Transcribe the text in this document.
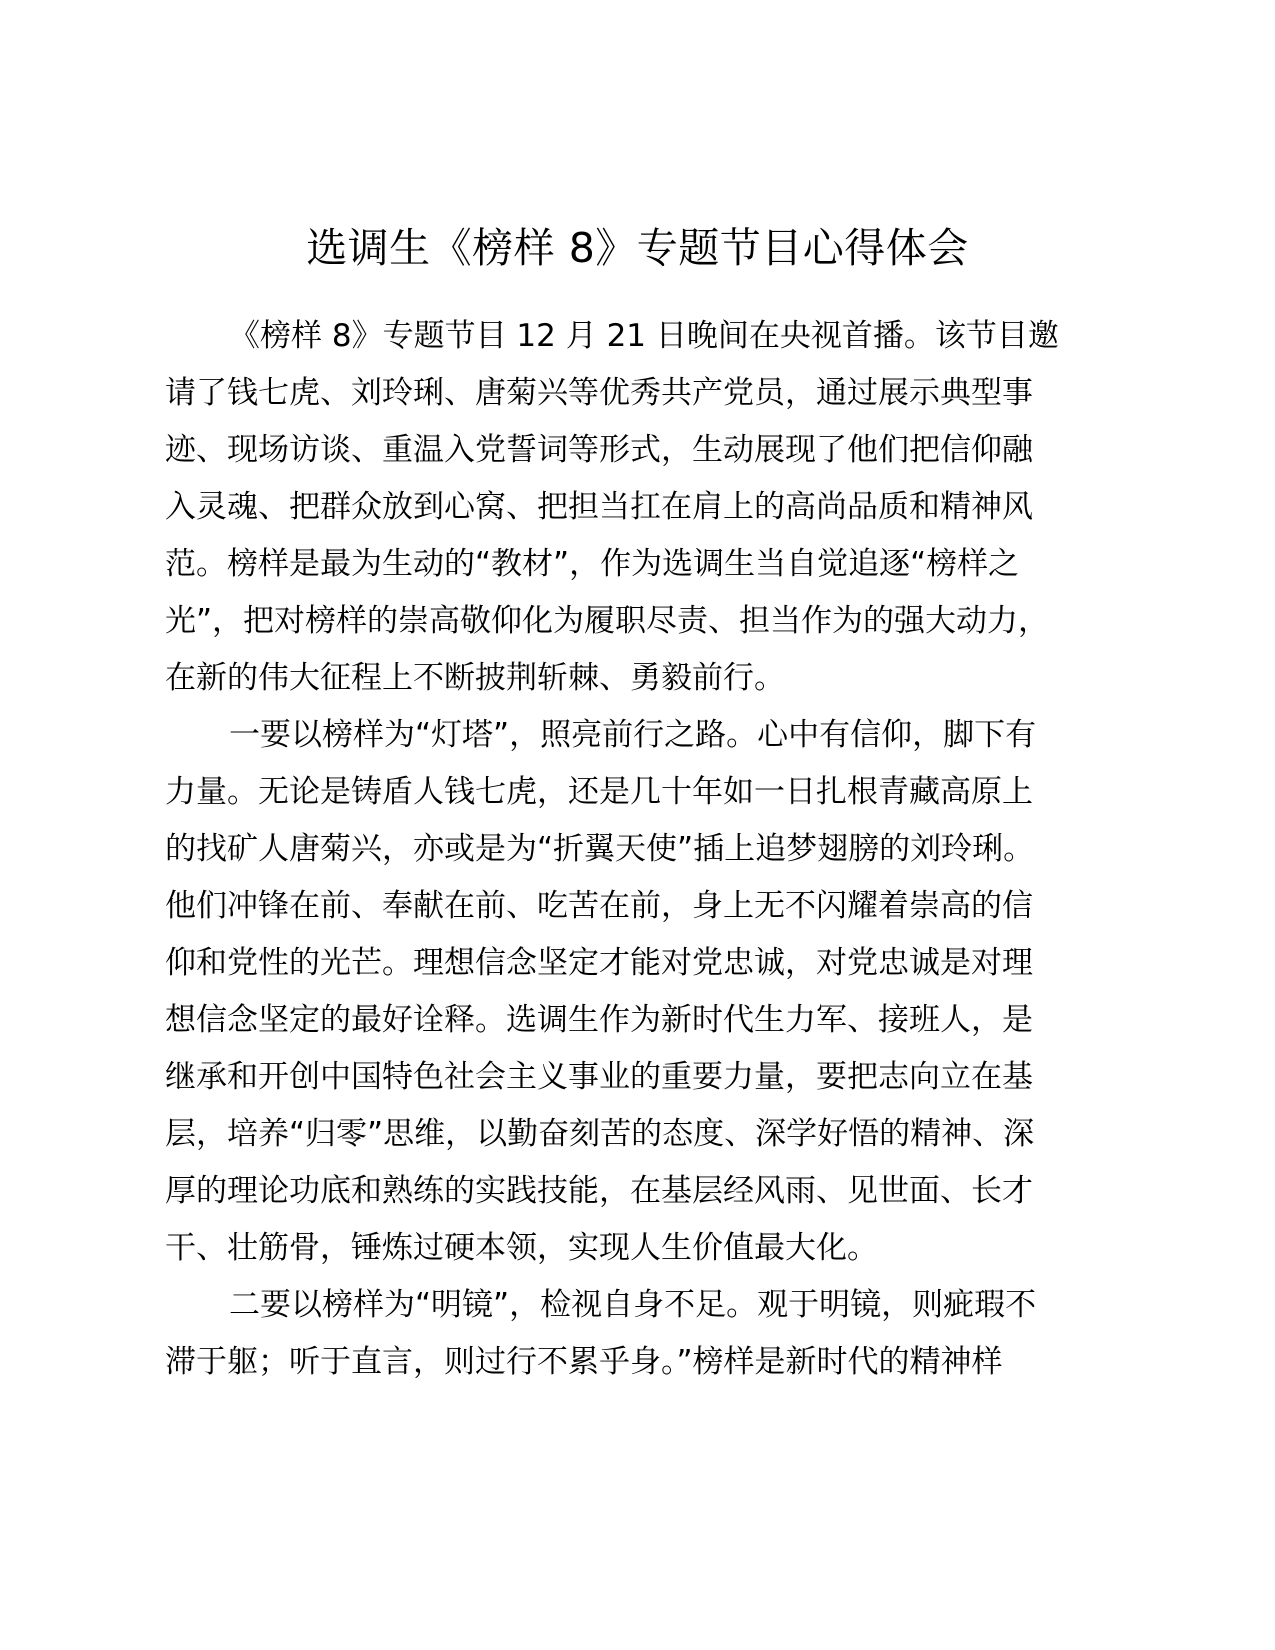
选调生《榜样 8》专题节目心得体会

《榜样 8》专题节目 12 月 21 日晚间在央视首播。该节目邀
请了钱七虎、刘玲琍、唐菊兴等优秀共产党员，通过展示典型事
迹、现场访谈、重温入党誓词等形式，生动展现了他们把信仰融
入灵魂、把群众放到心窝、把担当扛在肩上的高尚品质和精神风
范。榜样是最为生动的“教材”，作为选调生当自觉追逐“榜样之
光”，把对榜样的崇高敬仰化为履职尽责、担当作为的强大动力，
在新的伟大征程上不断披荆斩棘、勇毅前行。

一要以榜样为“灯塔”，照亮前行之路。心中有信仰，脚下有
力量。无论是铸盾人钱七虎，还是几十年如一日扎根青藏高原上
的找矿人唐菊兴，亦或是为“折翼天使”插上追梦翅膀的刘玲琍。
他们冲锋在前、奉献在前、吃苦在前，身上无不闪耀着崇高的信
仰和党性的光芒。理想信念坚定才能对党忠诚，对党忠诚是对理
想信念坚定的最好诠释。选调生作为新时代生力军、接班人，是
继承和开创中国特色社会主义事业的重要力量，要把志向立在基
层，培养“归零”思维，以勤奋刻苦的态度、深学好悟的精神、深
厚的理论功底和熟练的实践技能，在基层经风雨、见世面、长才
干、壮筋骨，锤炼过硬本领，实现人生价值最大化。

二要以榜样为“明镜”，检视自身不足。观于明镜，则疵瑕不
滞于躯；听于直言，则过行不累乎身。”榜样是新时代的精神样
